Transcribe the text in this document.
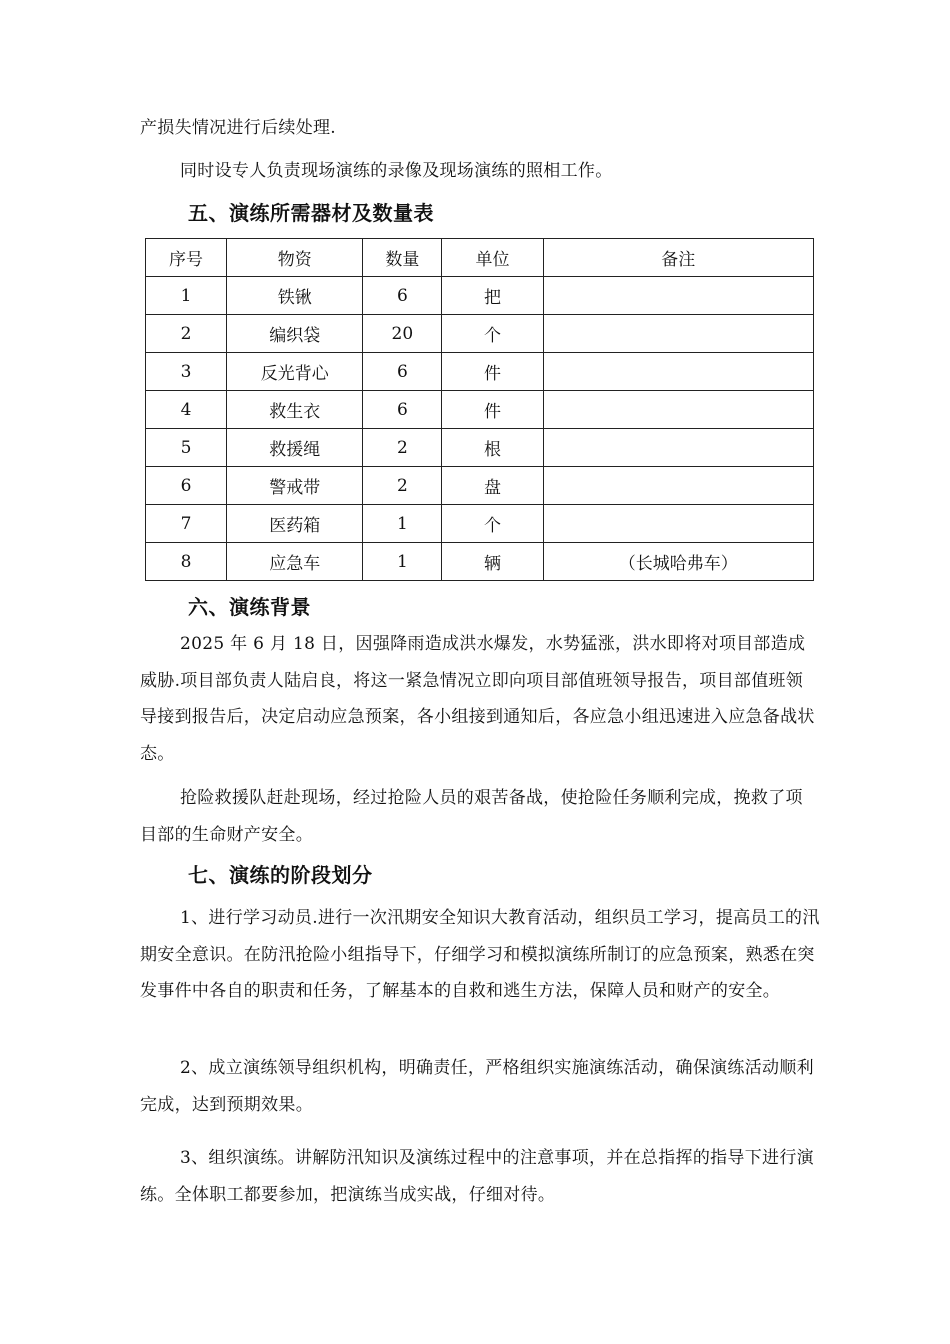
产损失情况进行后续处理.

同时设专人负责现场演练的录像及现场演练的照相工作。

五、演练所需器材及数量表
序号	物资	数量	单位	备注
1	铁锹	6	把	
2	编织袋	20	个	
3	反光背心	6	件	
4	救生衣	6	件	
5	救援绳	2	根	
6	警戒带	2	盘	
7	医药箱	1	个	
8	应急车	1	辆	（长城哈弗车）
六、演练背景

2025 年 6 月 18 日，因强降雨造成洪水爆发，水势猛涨，洪水即将对项目部造成威胁.项目部负责人陆启良，将这一紧急情况立即向项目部值班领导报告，项目部值班领导接到报告后，决定启动应急预案，各小组接到通知后，各应急小组迅速进入应急备战状态。

抢险救援队赶赴现场，经过抢险人员的艰苦备战，使抢险任务顺利完成，挽救了项目部的生命财产安全。

七、演练的阶段划分

1、进行学习动员.进行一次汛期安全知识大教育活动，组织员工学习，提高员工的汛期安全意识。在防汛抢险小组指导下，仔细学习和模拟演练所制订的应急预案，熟悉在突发事件中各自的职责和任务，了解基本的自救和逃生方法，保障人员和财产的安全。

2、成立演练领导组织机构，明确责任，严格组织实施演练活动，确保演练活动顺利完成，达到预期效果。

3、组织演练。讲解防汛知识及演练过程中的注意事项，并在总指挥的指导下进行演练。全体职工都要参加，把演练当成实战，仔细对待。
